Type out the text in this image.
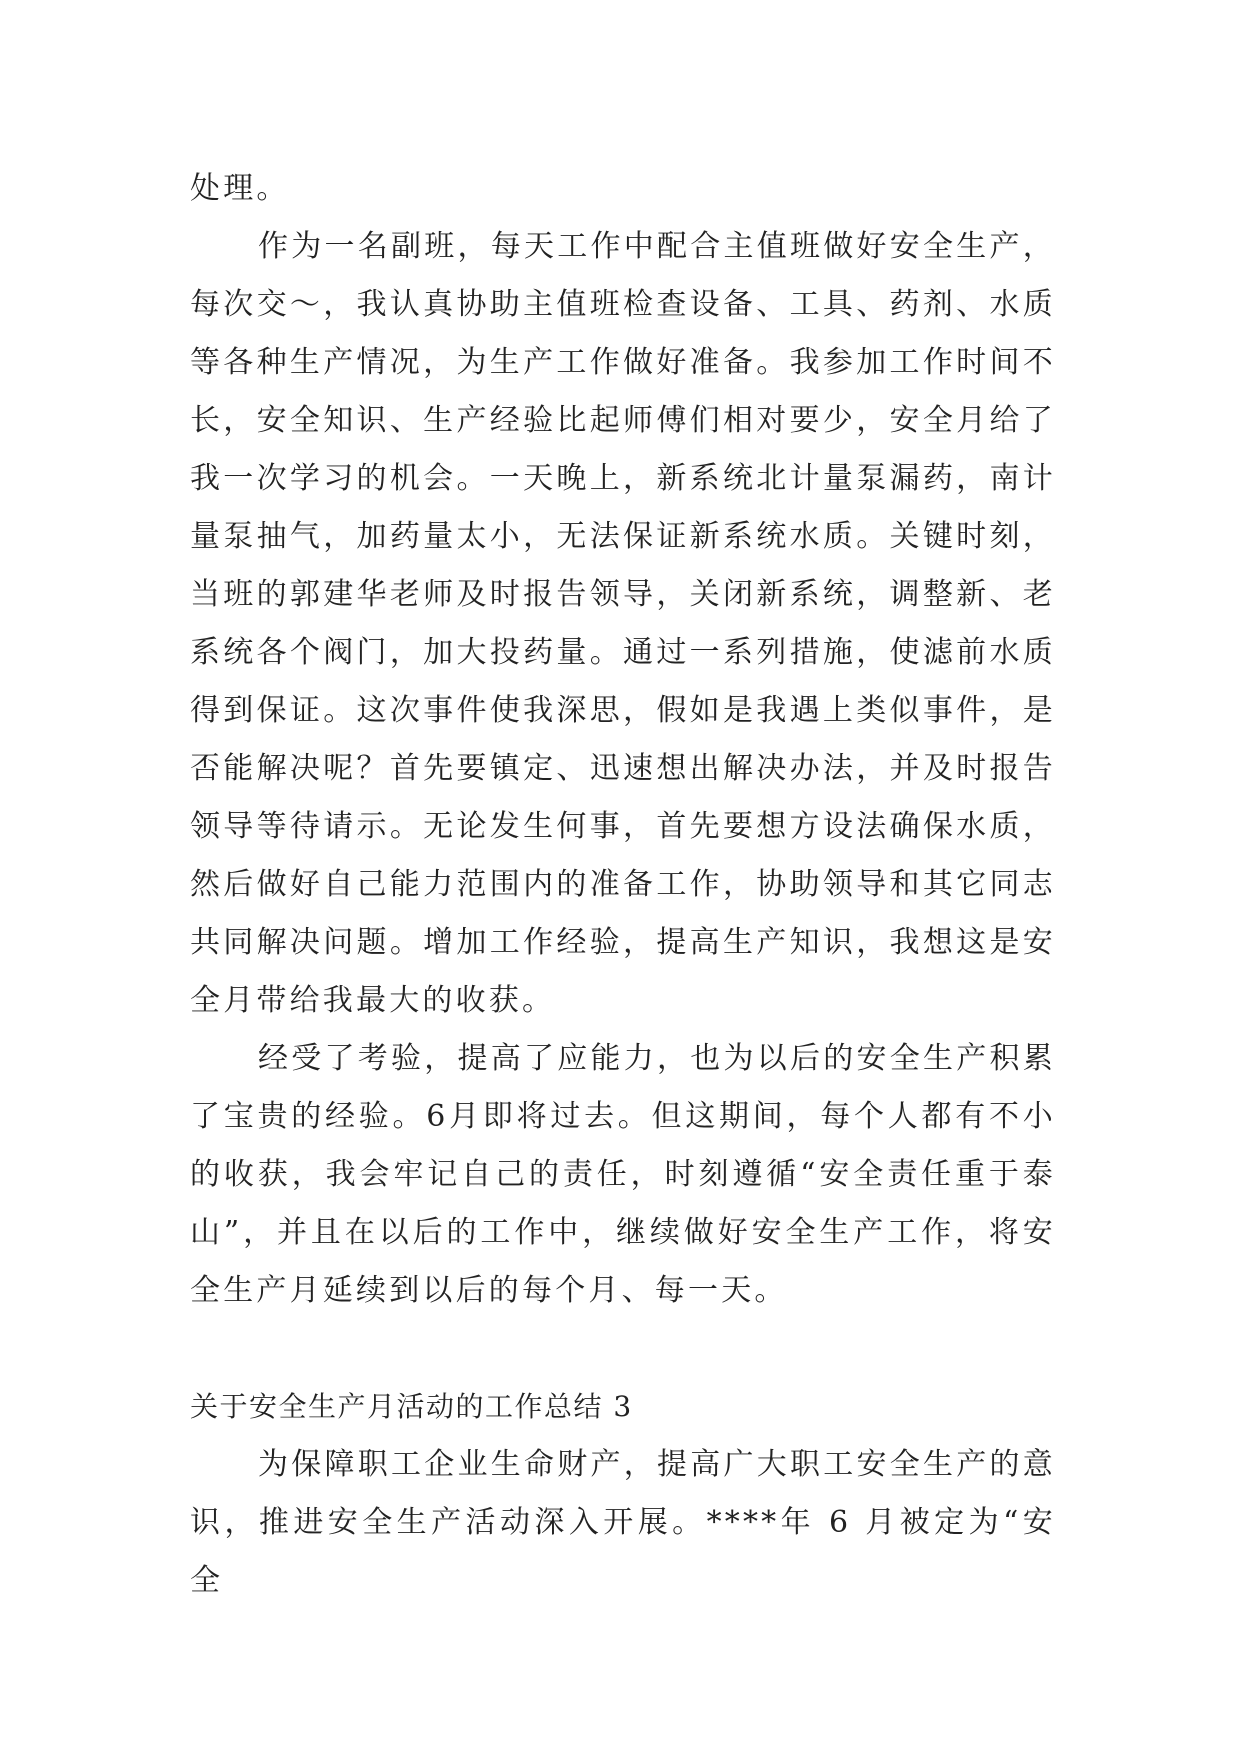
处理。

作为一名副班，每天工作中配合主值班做好安全生产，每次交～，我认真协助主值班检查设备、工具、药剂、水质等各种生产情况，为生产工作做好准备。我参加工作时间不长，安全知识、生产经验比起师傅们相对要少，安全月给了我一次学习的机会。一天晚上，新系统北计量泵漏药，南计量泵抽气，加药量太小，无法保证新系统水质。关键时刻，当班的郭建华老师及时报告领导，关闭新系统，调整新、老系统各个阀门，加大投药量。通过一系列措施，使滤前水质得到保证。这次事件使我深思，假如是我遇上类似事件，是否能解决呢？首先要镇定、迅速想出解决办法，并及时报告领导等待请示。无论发生何事，首先要想方设法确保水质，然后做好自己能力范围内的准备工作，协助领导和其它同志共同解决问题。增加工作经验，提高生产知识，我想这是安全月带给我最大的收获。

经受了考验，提高了应能力，也为以后的安全生产积累了宝贵的经验。6月即将过去。但这期间，每个人都有不小的收获，我会牢记自己的责任，时刻遵循“安全责任重于泰山”，并且在以后的工作中，继续做好安全生产工作，将安全生产月延续到以后的每个月、每一天。

关于安全生产月活动的工作总结 3

为保障职工企业生命财产，提高广大职工安全生产的意识，推进安全生产活动深入开展。****年 6 月被定为“安全
